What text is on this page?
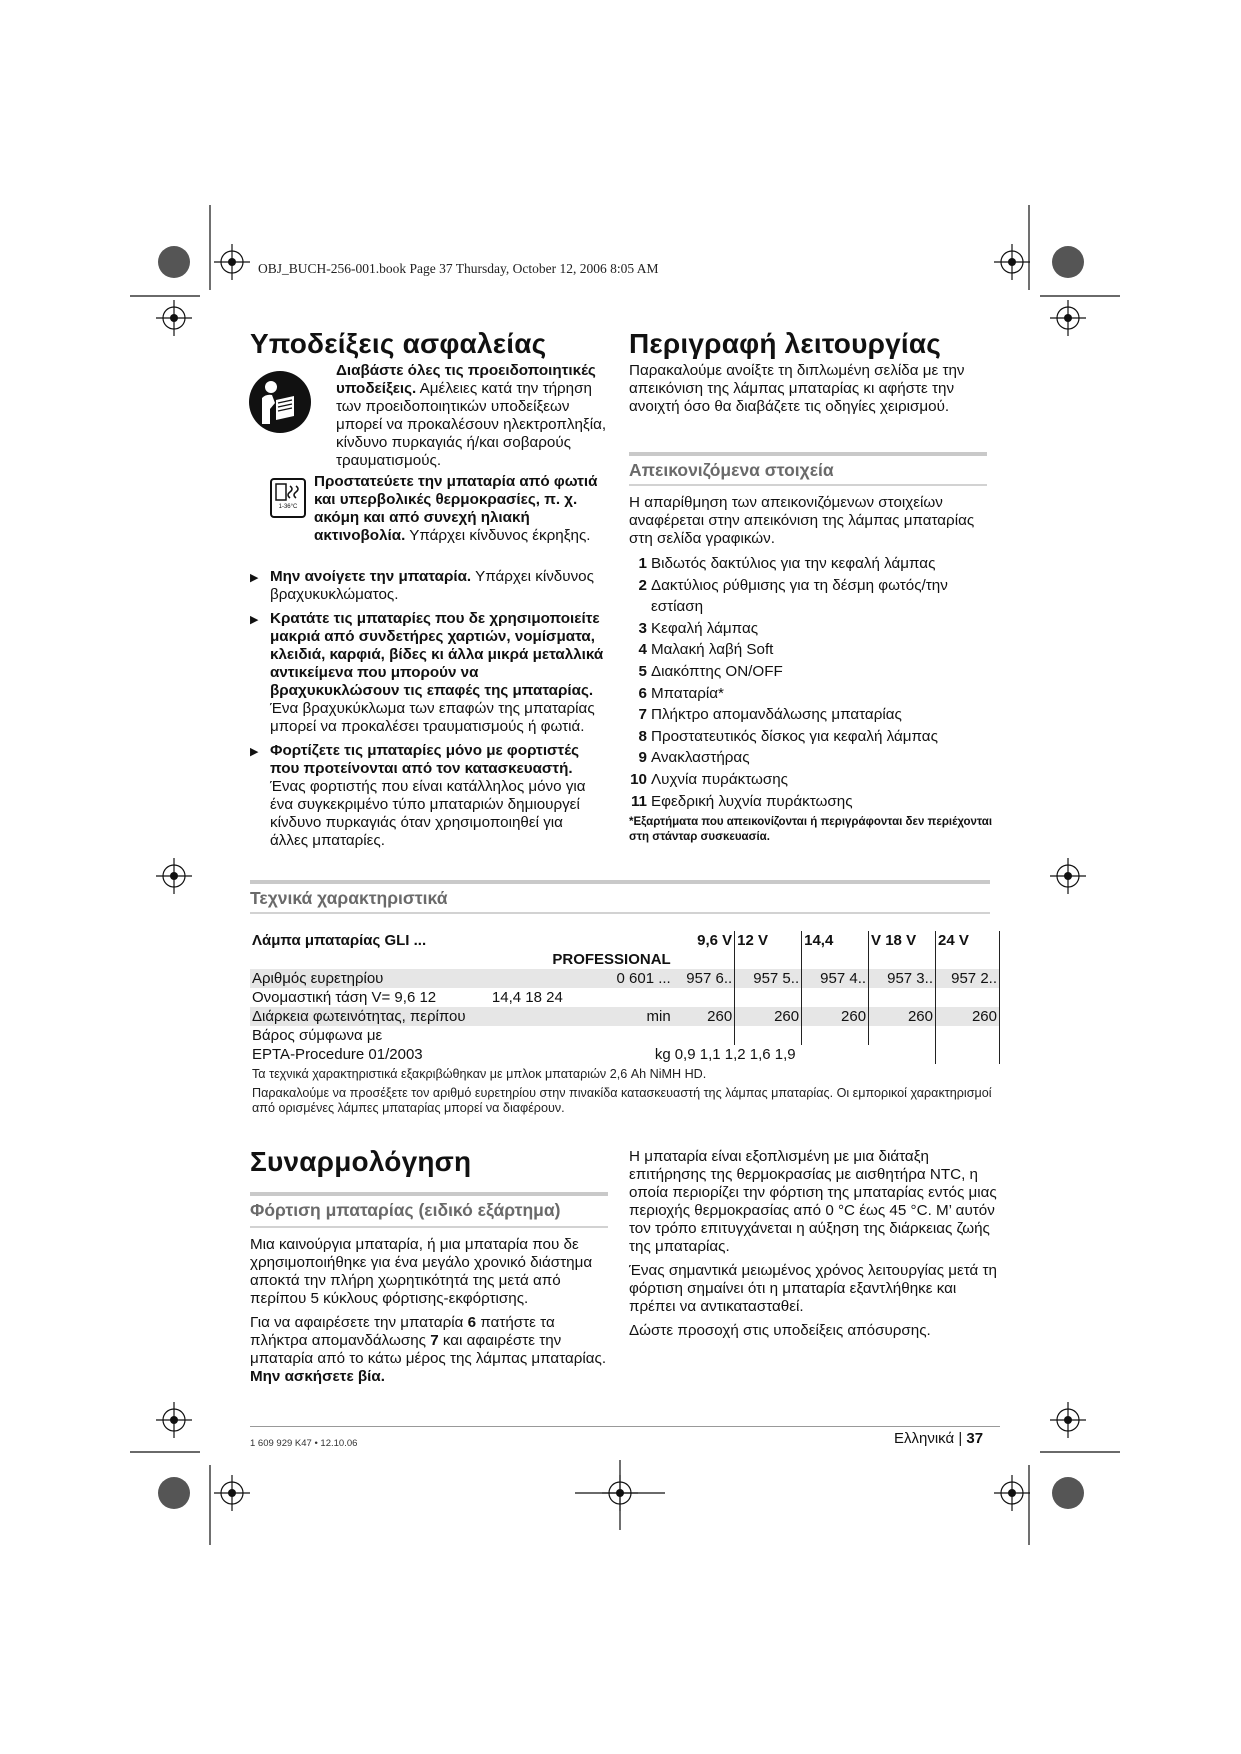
OBJ_BUCH-256-001.book Page 37 Thursday, October 12, 2006 8:05 AM
Υποδείξεις ασφαλείας
Διαβάστε όλες τις προειδοποιητικές υποδείξεις. Αμέλειες κατά την τήρηση των προειδοποιητικών υποδείξεων μπορεί να προκαλέσουν ηλεκτροπληξία, κίνδυνο πυρκαγιάς ή/και σοβαρούς τραυματισμούς.
1-36°C
Προστατεύετε την μπαταρία από φωτιά και υπερβολικές θερμοκρασίες, π. χ. ακόμη και από συνεχή ηλιακή ακτινοβολία. Υπάρχει κίνδυνος έκρηξης.

▶ Μην ανοίγετε την μπαταρία. Υπάρχει κίνδυνος βραχυκυκλώματος.

▶ Κρατάτε τις μπαταρίες που δε χρησιμοποιείτε μακριά από συνδετήρες χαρτιών, νομίσματα, κλειδιά, καρφιά, βίδες κι άλλα μικρά μεταλλικά αντικείμενα που μπορούν να βραχυκυκλώσουν τις επαφές της μπαταρίας. Ένα βραχυκύκλωμα των επαφών της μπαταρίας μπορεί να προκαλέσει τραυματισμούς ή φωτιά.

▶ Φορτίζετε τις μπαταρίες μόνο με φορτιστές που προτείνονται από τον κατασκευαστή. Ένας φορτιστής που είναι κατάλληλος μόνο για ένα συγκεκριμένο τύπο μπαταριών δημιουργεί κίνδυνο πυρκαγιάς όταν χρησιμοποιηθεί για άλλες μπαταρίες.

Περιγραφή λειτουργίας
Παρακαλούμε ανοίξτε τη διπλωμένη σελίδα με την απεικόνιση της λάμπας μπαταρίας κι αφήστε την ανοιχτή όσο θα διαβάζετε τις οδηγίες χειρισμού.
Απεικονιζόμενα στοιχεία
Η απαρίθμηση των απεικονιζόμενων στοιχείων αναφέρεται στην απεικόνιση της λάμπας μπαταρίας στη σελίδα γραφικών.
1 Βιδωτός δακτύλιος για την κεφαλή λάμπας
2 Δακτύλιος ρύθμισης για τη δέσμη φωτός/την εστίαση
3 Κεφαλή λάμπας
4 Μαλακή λαβή Soft
5 Διακόπτης ON/OFF
6 Μπαταρία*
7 Πλήκτρο απομανδάλωσης μπαταρίας
8 Προστατευτικός δίσκος για κεφαλή λάμπας
9 Ανακλαστήρας
10 Λυχνία πυράκτωσης
11 Εφεδρική λυχνία πυράκτωσης
*Εξαρτήματα που απεικονίζονται ή περιγράφονται δεν περιέχονται στη στάνταρ συσκευασία.
Τεχνικά χαρακτηριστικά
Λάμπα μπαταρίας GLI ...			9,6 V	12 V	14,4	V 18 V	24 V
	PROFESSIONAL						
Αριθμός ευρετηρίου	0 601 ...		957 6..	957 5..	957 4..	957 3..	957 2..
Ονομαστική τάση V= 9,6 12	14,4 18 24						
Διάρκεια φωτεινότητας, περίπου	min		260	260	260	260	260
Βάρος σύμφωνα με							
EPTA-Procedure 01/2003	kg		0,9 1,1 1,2 1,6 1,9				
Τα τεχνικά χαρακτηριστικά εξακριβώθηκαν με μπλοκ μπαταριών 2,6 Ah NiMH HD.
Παρακαλούμε να προσέξετε τον αριθμό ευρετηρίου στην πινακίδα κατασκευαστή της λάμπας μπαταρίας. Οι εμπορικοί χαρακτηρισμοί από ορισμένες λάμπες μπαταρίας μπορεί να διαφέρουν.
Συναρμολόγηση
Φόρτιση μπαταρίας (ειδικό εξάρτημα)

Μια καινούργια μπαταρία, ή μια μπαταρία που δε χρησιμοποιήθηκε για ένα μεγάλο χρονικό διάστημα αποκτά την πλήρη χωρητικότητά της μετά από περίπου 5 κύκλους φόρτισης-εκφόρτισης.

Για να αφαιρέσετε την μπαταρία 6 πατήστε τα πλήκτρα απομανδάλωσης 7 και αφαιρέστε την μπαταρία από το κάτω μέρος της λάμπας μπαταρίας. Μην ασκήσετε βία.

Η μπαταρία είναι εξοπλισμένη με μια διάταξη επιτήρησης της θερμοκρασίας με αισθητήρα NTC, η οποία περιορίζει την φόρτιση της μπαταρίας εντός μιας περιοχής θερμοκρασίας από 0 °C έως 45 °C. Μ’ αυτόν τον τρόπο επιτυγχάνεται η αύξηση της διάρκειας ζωής της μπαταρίας.

Ένας σημαντικά μειωμένος χρόνος λειτουργίας μετά τη φόρτιση σημαίνει ότι η μπαταρία εξαντλήθηκε και πρέπει να αντικατασταθεί.

Δώστε προσοχή στις υποδείξεις απόσυρσης.

1 609 929 K47 • 12.10.06	Ελληνικά | 37
